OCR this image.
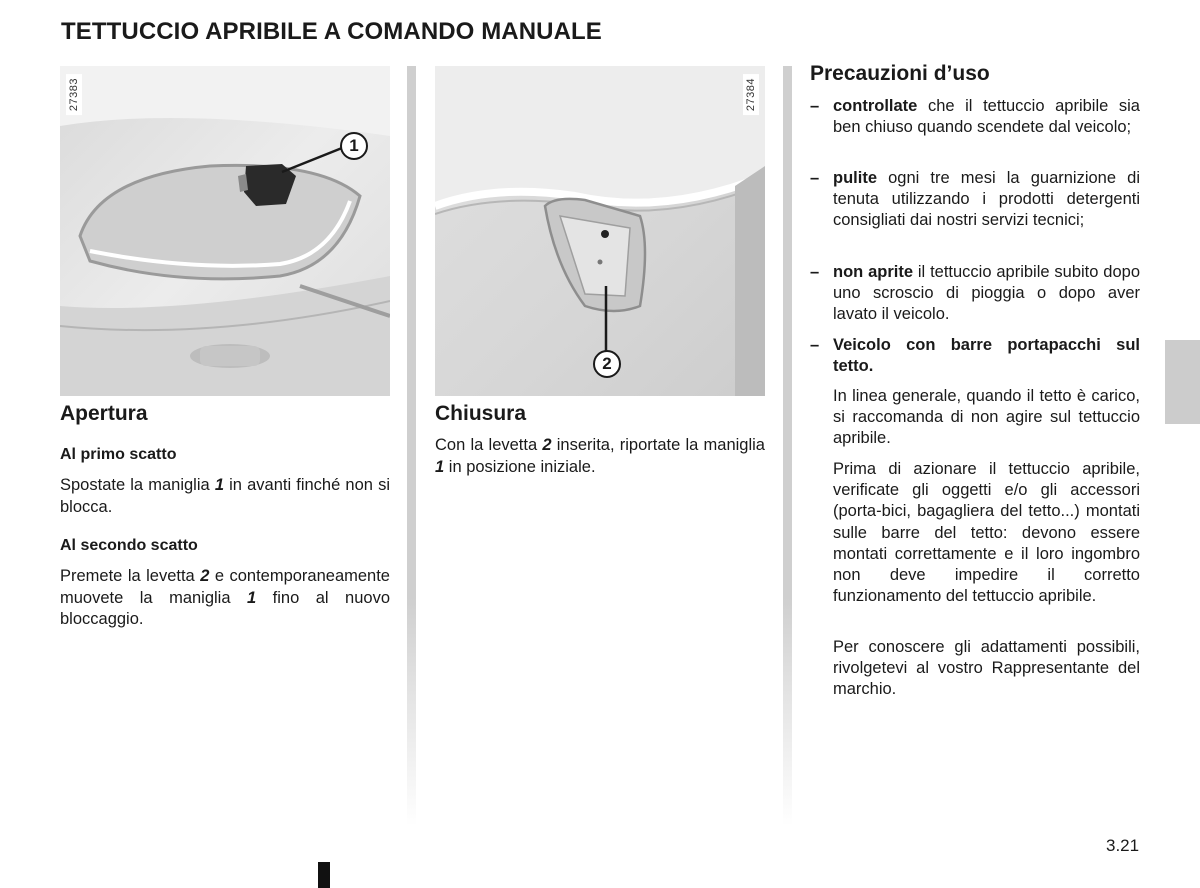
TETTUCCIO APRIBILE A COMANDO MANUALE
27383
1
27384
2
Apertura
Al primo scatto
Spostate la maniglia 1 in avanti finché non si blocca.
Al secondo scatto
Premete la levetta 2 e contemporaneamente muovete la maniglia 1 fino al nuovo bloccaggio.
Chiusura
Con la levetta 2 inserita, riportate la maniglia 1 in posizione iniziale.
Precauzioni d’uso
– controllate che il tettuccio apribile sia ben chiuso quando scendete dal veicolo;
– pulite ogni tre mesi la guarnizione di tenuta utilizzando i prodotti detergenti consigliati dai nostri servizi tecnici;
– non aprite il tettuccio apribile subito dopo uno scroscio di pioggia o dopo aver lavato il veicolo.
– Veicolo con barre portapacchi sul tetto.
In linea generale, quando il tetto è carico, si raccomanda di non agire sul tettuccio apribile.
Prima di azionare il tettuccio apribile, verificate gli oggetti e/o gli accessori (porta-bici, bagagliera del tetto...) montati sulle barre del tetto: devono essere montati correttamente e il loro ingombro non deve impedire il corretto funzionamento del tettuccio apribile.
Per conoscere gli adattamenti possibili, rivolgetevi al vostro Rappresentante del marchio.
3.21
